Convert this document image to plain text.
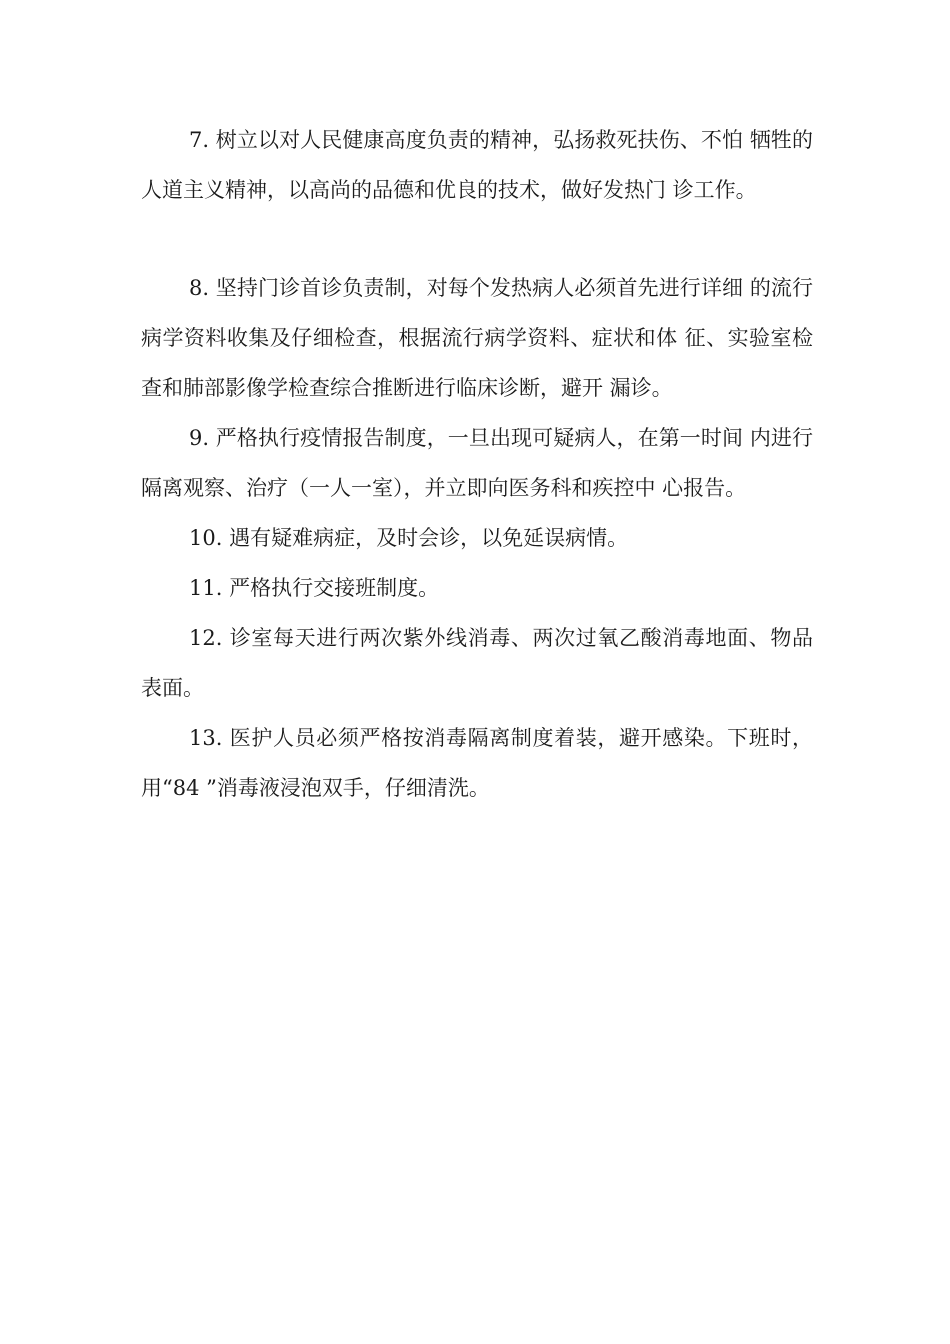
7. 树立以对人民健康高度负责的精神，弘扬救死扶伤、不怕 牺牲的人道主义精神，以高尚的品德和优良的技术，做好发热门 诊工作。

8. 坚持门诊首诊负责制，对每个发热病人必须首先进行详细 的流行病学资料收集及仔细检查，根据流行病学资料、症状和体 征、实验室检查和肺部影像学检查综合推断进行临床诊断，避开 漏诊。

9. 严格执行疫情报告制度，一旦出现可疑病人，在第一时间 内进行隔离观察、治疗（一人一室），并立即向医务科和疾控中 心报告。

10. 遇有疑难病症，及时会诊，以免延误病情。

11. 严格执行交接班制度。

12. 诊室每天进行两次紫外线消毒、两次过氧乙酸消毒地面、物品表面。

13. 医护人员必须严格按消毒隔离制度着装，避开感染。下班时，用“84 ”消毒液浸泡双手，仔细清洗。
